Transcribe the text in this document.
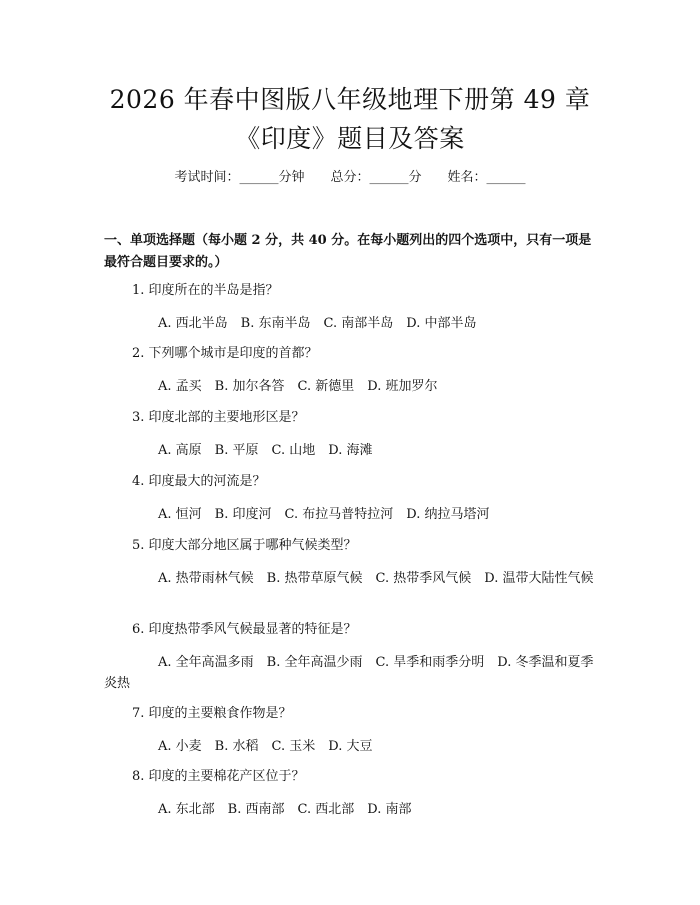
2026 年春中图版八年级地理下册第 49 章
《印度》题目及答案
考试时间：______分钟 总分：______分 姓名：______
一、单项选择题（每小题 2 分，共 40 分。在每小题列出的四个选项中，只有一项是最符合题目要求的。）
1. 印度所在的半岛是指？
A. 西北半岛 B. 东南半岛 C. 南部半岛 D. 中部半岛
2. 下列哪个城市是印度的首都？
A. 孟买 B. 加尔各答 C. 新德里 D. 班加罗尔
3. 印度北部的主要地形区是？
A. 高原 B. 平原 C. 山地 D. 海滩
4. 印度最大的河流是？
A. 恒河 B. 印度河 C. 布拉马普特拉河 D. 纳拉马塔河
5. 印度大部分地区属于哪种气候类型？
A. 热带雨林气候 B. 热带草原气候 C. 热带季风气候 D. 温带大陆性气候
6. 印度热带季风气候最显著的特征是？
A. 全年高温多雨 B. 全年高温少雨 C. 旱季和雨季分明 D. 冬季温和夏季炎热
7. 印度的主要粮食作物是？
A. 小麦 B. 水稻 C. 玉米 D. 大豆
8. 印度的主要棉花产区位于？
A. 东北部 B. 西南部 C. 西北部 D. 南部
